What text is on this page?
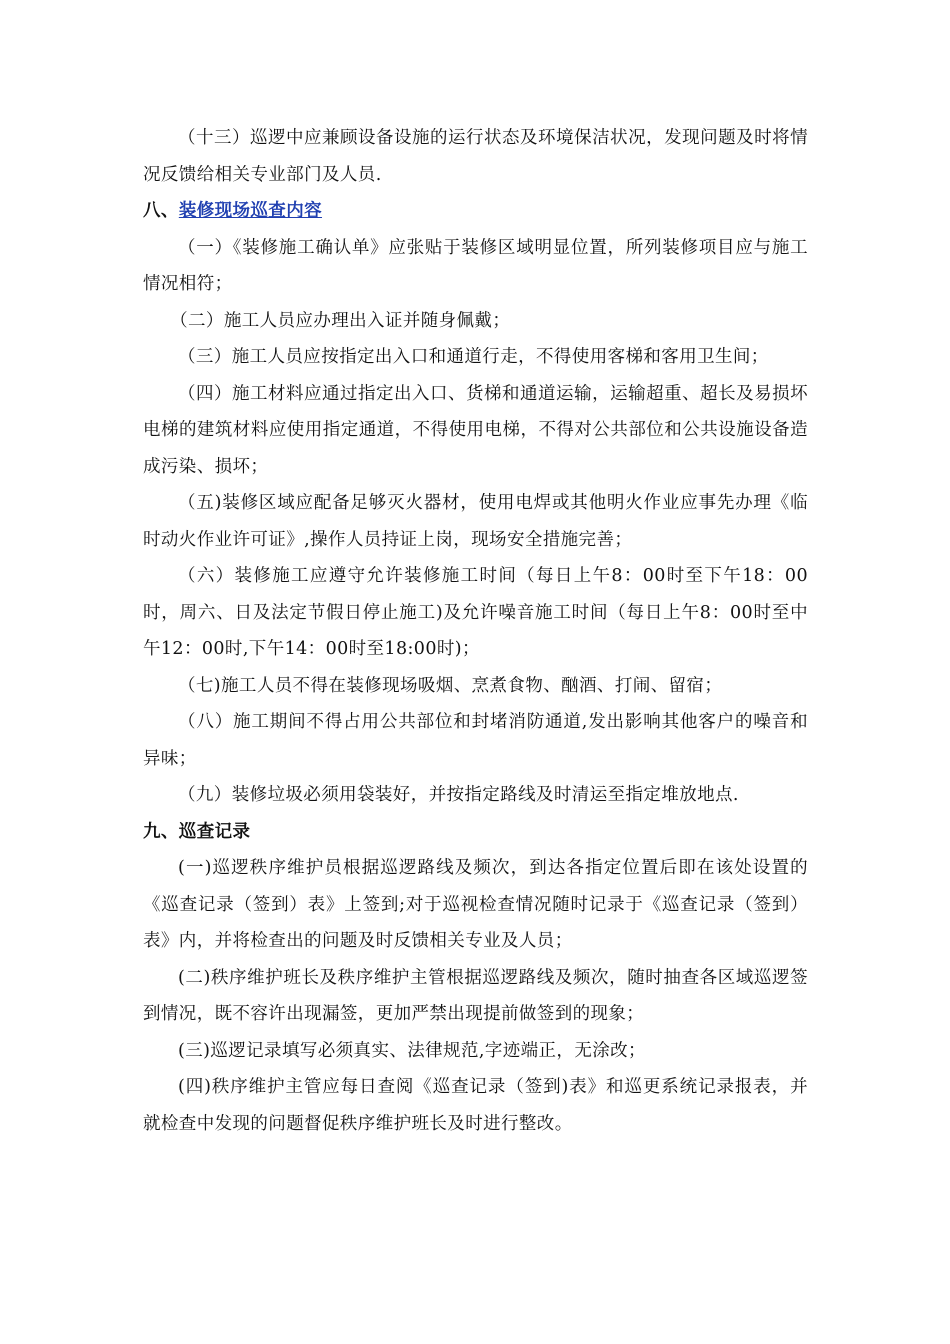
（十三）巡逻中应兼顾设备设施的运行状态及环境保洁状况，发现问题及时将情况反馈给相关专业部门及人员.

八、装修现场巡查内容

（一）《装修施工确认单》应张贴于装修区域明显位置，所列装修项目应与施工情况相符；

（二）施工人员应办理出入证并随身佩戴；

（三）施工人员应按指定出入口和通道行走，不得使用客梯和客用卫生间；

（四）施工材料应通过指定出入口、货梯和通道运输，运输超重、超长及易损坏电梯的建筑材料应使用指定通道，不得使用电梯，不得对公共部位和公共设施设备造成污染、损坏；

（五)装修区域应配备足够灭火器材，使用电焊或其他明火作业应事先办理《临时动火作业许可证》,操作人员持证上岗，现场安全措施完善；

（六）装修施工应遵守允许装修施工时间（每日上午8：00时至下午18：00时，周六、日及法定节假日停止施工)及允许噪音施工时间（每日上午8：00时至中午12：00时,下午14：00时至18:00时)；

（七)施工人员不得在装修现场吸烟、烹煮食物、酗酒、打闹、留宿；

（八）施工期间不得占用公共部位和封堵消防通道,发出影响其他客户的噪音和异味；

（九）装修垃圾必须用袋装好，并按指定路线及时清运至指定堆放地点.

九、巡查记录

(一)巡逻秩序维护员根据巡逻路线及频次，到达各指定位置后即在该处设置的《巡查记录（签到）表》上签到;对于巡视检查情况随时记录于《巡查记录（签到）表》内，并将检查出的问题及时反馈相关专业及人员；

(二)秩序维护班长及秩序维护主管根据巡逻路线及频次，随时抽查各区域巡逻签到情况，既不容许出现漏签，更加严禁出现提前做签到的现象；

(三)巡逻记录填写必须真实、法律规范,字迹端正，无涂改；

(四)秩序维护主管应每日查阅《巡查记录（签到)表》和巡更系统记录报表，并就检查中发现的问题督促秩序维护班长及时进行整改。
